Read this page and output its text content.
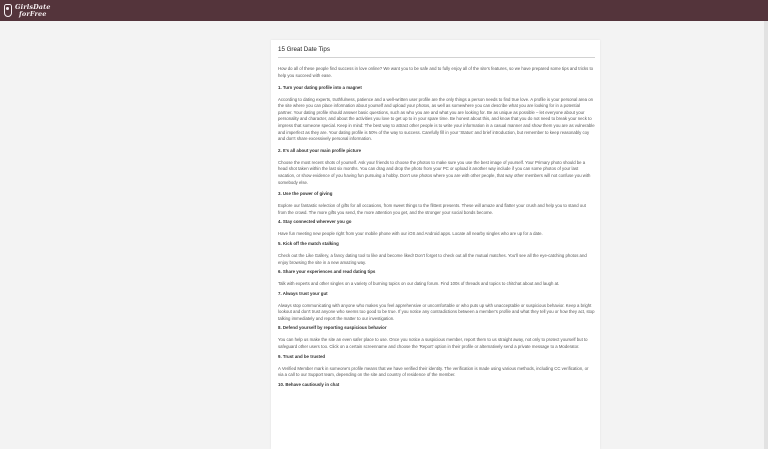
GirlsDate
forFree
15 Great Date Tips

How do all of these people find success in love online? We want you to be safe and to fully enjoy all of the site's features, so we have prepared some tips and tricks to help you succeed with ease.

1. Turn your dating profile into a magnet

According to dating experts, truthfulness, patience and a well-written user profile are the only things a person needs to find true love. A profile is your personal area on the site where you can place information about yourself and upload your photos, as well as somewhere you can describe what you are looking for in a potential partner. Your dating profile should answer basic questions, such as who you are and what you are looking for. Be as unique as possible – let everyone about your personality and character, and about the activities you love to get up to in your spare time. Be honest about this, and know that you do not need to break your neck to impress that someone special. Keep in mind: The best way to attract other people is to write your information in a casual manner and show them you are as vulnerable and imperfect as they are. Your dating profile is 50% of the way to success. Carefully fill in your 'Status' and brief introduction, but remember to keep reasonably coy and don't share excessively personal information.

2. It's all about your main profile picture

Choose the most recent shots of yourself. Ask your friends to choose the photos to make sure you use the best image of yourself. Your Primary photo should be a head shot taken within the last six months. You can drag and drop the photo from your PC or upload it another way include if you can some photos of your last vacation, or show evidence of you having fun pursuing a hobby. Don't use photos where you are with other people, that way other members will not confuse you with somebody else.

3. Use the power of giving

Explore our fantastic selection of gifts for all occasions, from sweet things to the flittest presents. These will amaze and flatter your crush and help you to stand out from the crowd. The more gifts you send, the more attention you get, and the stronger your social bonds become.

4. Stay connected wherever you go

Have fun meeting new people right from your mobile phone with our iOS and Android apps. Locate all nearby singles who are up for a date.

5. Kick off the match stalking

Check out the Like Gallery, a fancy dating tool to like and become liked! Don't forget to check out all the mutual matches. You'll see all the eye-catching photos and enjoy browsing the site in a new amazing way.

6. Share your experiences and read dating tips

Talk with experts and other singles on a variety of burning topics on our dating forum. Find 100s of threads and topics to chitchat about and laugh at.

7. Always trust your gut

Always stop communicating with anyone who makes you feel apprehensive or uncomfortable or who puts up with unacceptable or suspicious behavior. Keep a bright lookout and don't trust anyone who seems too good to be true. If you notice any contradictions between a member's profile and what they tell you or how they act, stop talking immediately and report the matter to our investigation.

8. Defend yourself by reporting suspicious behavior

You can help us make the site an even safer place to use. Once you notice a suspicious member, report them to us straight away, not only to protect yourself but to safeguard other users too. Click on a certain screenname and choose the 'Report' option in their profile or alternatively send a private message to a Moderator.

9. Trust and be trusted

A Verified Member mark in someone's profile means that we have verified their identity. The verification is made using various methods, including CC verification, or via a call to our Support team, depending on the site and country of residence of the member.

10. Behave cautiously in chat
